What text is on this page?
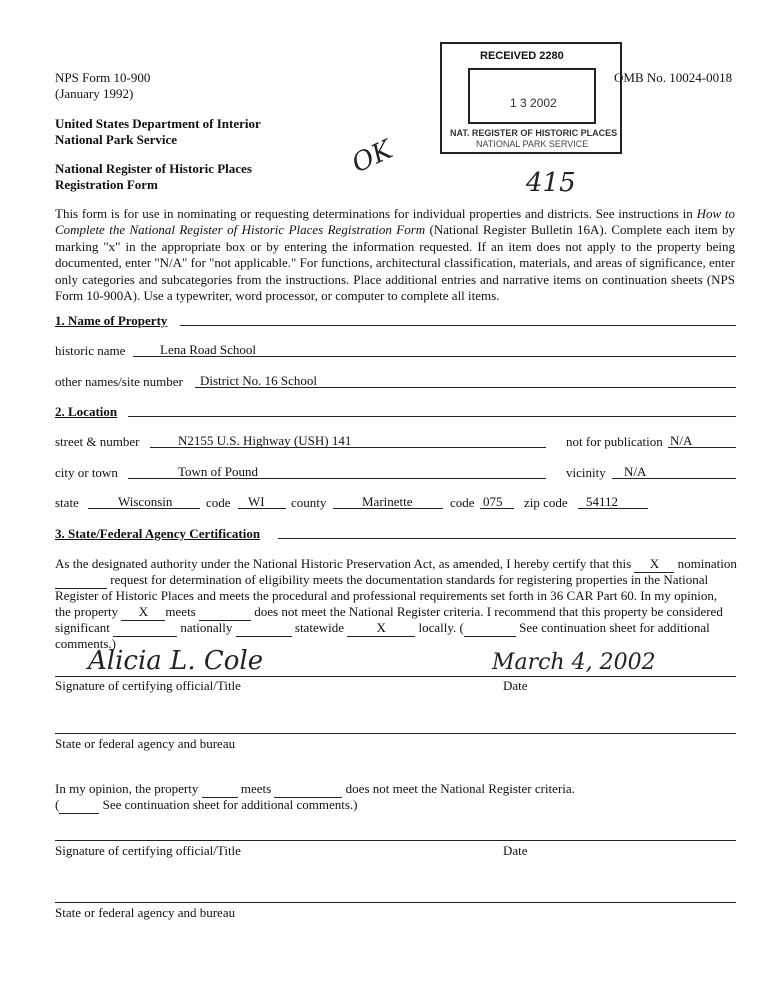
NPS Form 10-900
(January 1992)
United States Department of Interior
National Park Service
National Register of Historic Places
Registration Form
OMB No. 10024-0018
RECEIVED 2280
1 3 2002
NAT. REGISTER OF HISTORIC PLACES
NATIONAL PARK SERVICE
OK
415
This form is for use in nominating or requesting determinations for individual properties and districts. See instructions in How to Complete the National Register of Historic Places Registration Form (National Register Bulletin 16A). Complete each item by marking "x" in the appropriate box or by entering the information requested. If an item does not apply to the property being documented, enter "N/A" for "not applicable." For functions, architectural classification, materials, and areas of significance, enter only categories and subcategories from the instructions. Place additional entries and narrative items on continuation sheets (NPS Form 10-900A). Use a typewriter, word processor, or computer to complete all items.
1. Name of Property
historic name	Lena Road School
other names/site number District No. 16 School
2. Location
street & number	N2155 U.S. Highway (USH) 141	not for publication N/A
city or town	Town of Pound	vicinity N/A
state	Wisconsin	code WI county	Marinette	code 075 zip code 54112
3. State/Federal Agency Certification
As the designated authority under the National Historic Preservation Act, as amended, I hereby certify that this X nomination
request for determination of eligibility meets the documentation standards for registering properties in the National
Register of Historic Places and meets the procedural and professional requirements set forth in 36 CAR Part 60. In my opinion,
the property X meets	does not meet the National Register criteria. I recommend that this property be considered
significant	nationally	statewide	X	locally. (	See continuation sheet for additional
comments.)
Alicia L. Cole	March 4, 2002
Signature of certifying official/Title	Date
State or federal agency and bureau
In my opinion, the property	meets	does not meet the National Register criteria.
(	See continuation sheet for additional comments.)
Signature of certifying official/Title	Date
State or federal agency and bureau
